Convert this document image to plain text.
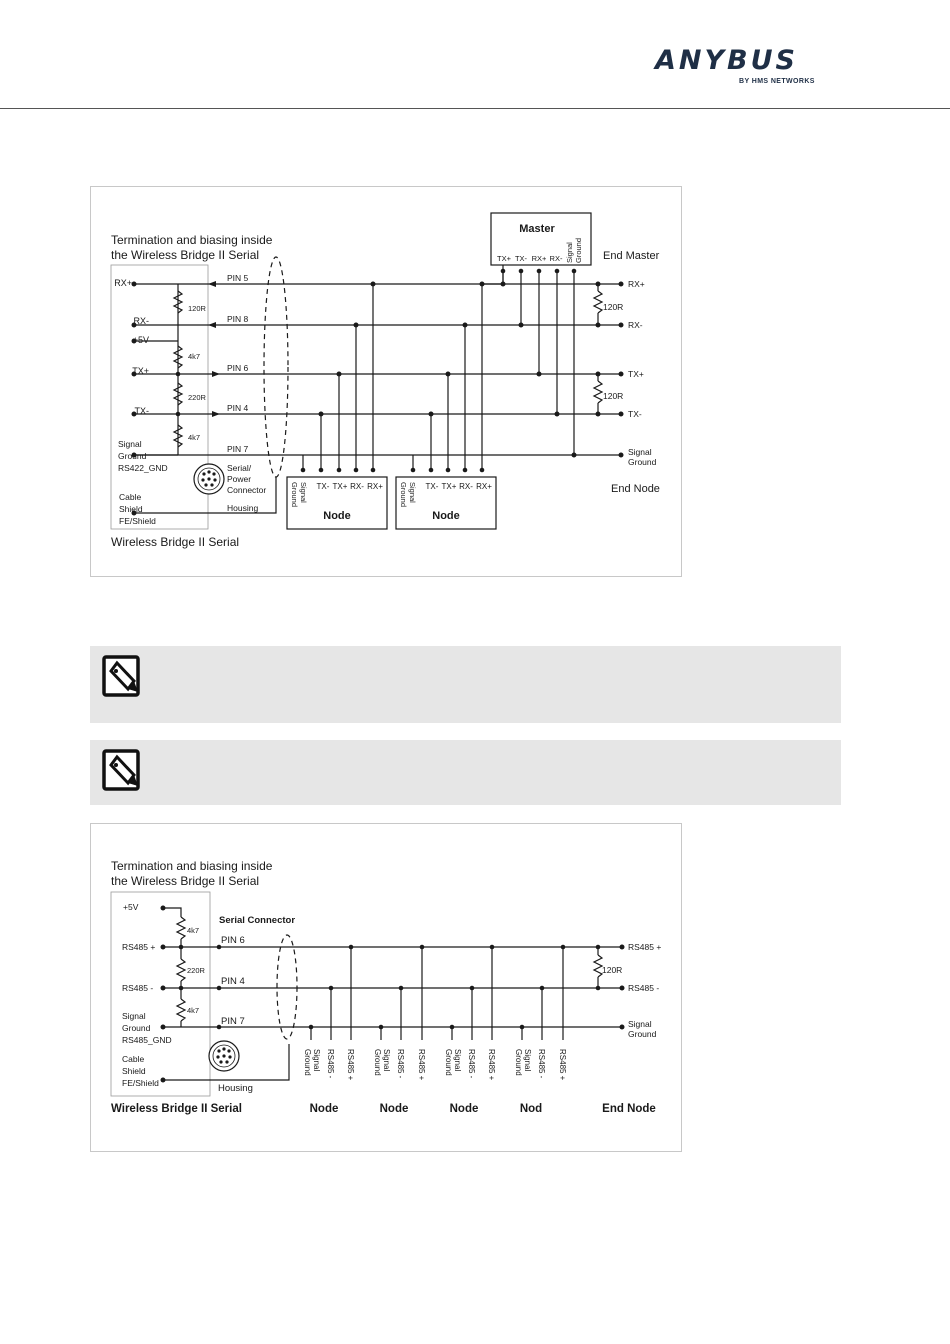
ANYBUS
BY HMS NETWORKS
Termination and biasing inside
the Wireless Bridge II Serial
RX+
RX-
+5V
TX+
TX-
Signal
Ground
RS422_GND
Cable
Shield
FE/Shield
120R
4k7
220R
4k7
PIN 5
PIN 8
PIN 6
PIN 4
PIN 7
Serial/
Power
Connector
Housing
Wireless Bridge II Serial
Master
TX+ TX- RX+ RX- Signal Ground End Master
End Node
RX+
RX-
TX+
TX-
Signal
Ground
120R
120R
Signal
Ground TX- TX+ RX- RX+
Node
Signal
Ground TX- TX+ RX- RX+
Node
Termination and biasing inside
the Wireless Bridge II Serial
+5V
RS485 +
RS485 -
Signal
Ground
RS485_GND
Cable
Shield
FE/Shield
4k7
220R
4k7
120R
Serial Connector
PIN 6
PIN 4
PIN 7
Housing
RS485 +
RS485 -
Signal
Ground
Signal
Ground RS485 - RS485 +	Signal
Ground RS485 - RS485 +	Signal
Ground RS485 - RS485 +	Signal
Ground RS485 - RS485 +
Wireless Bridge II Serial	Node	Node	Node	Nod	End Node
